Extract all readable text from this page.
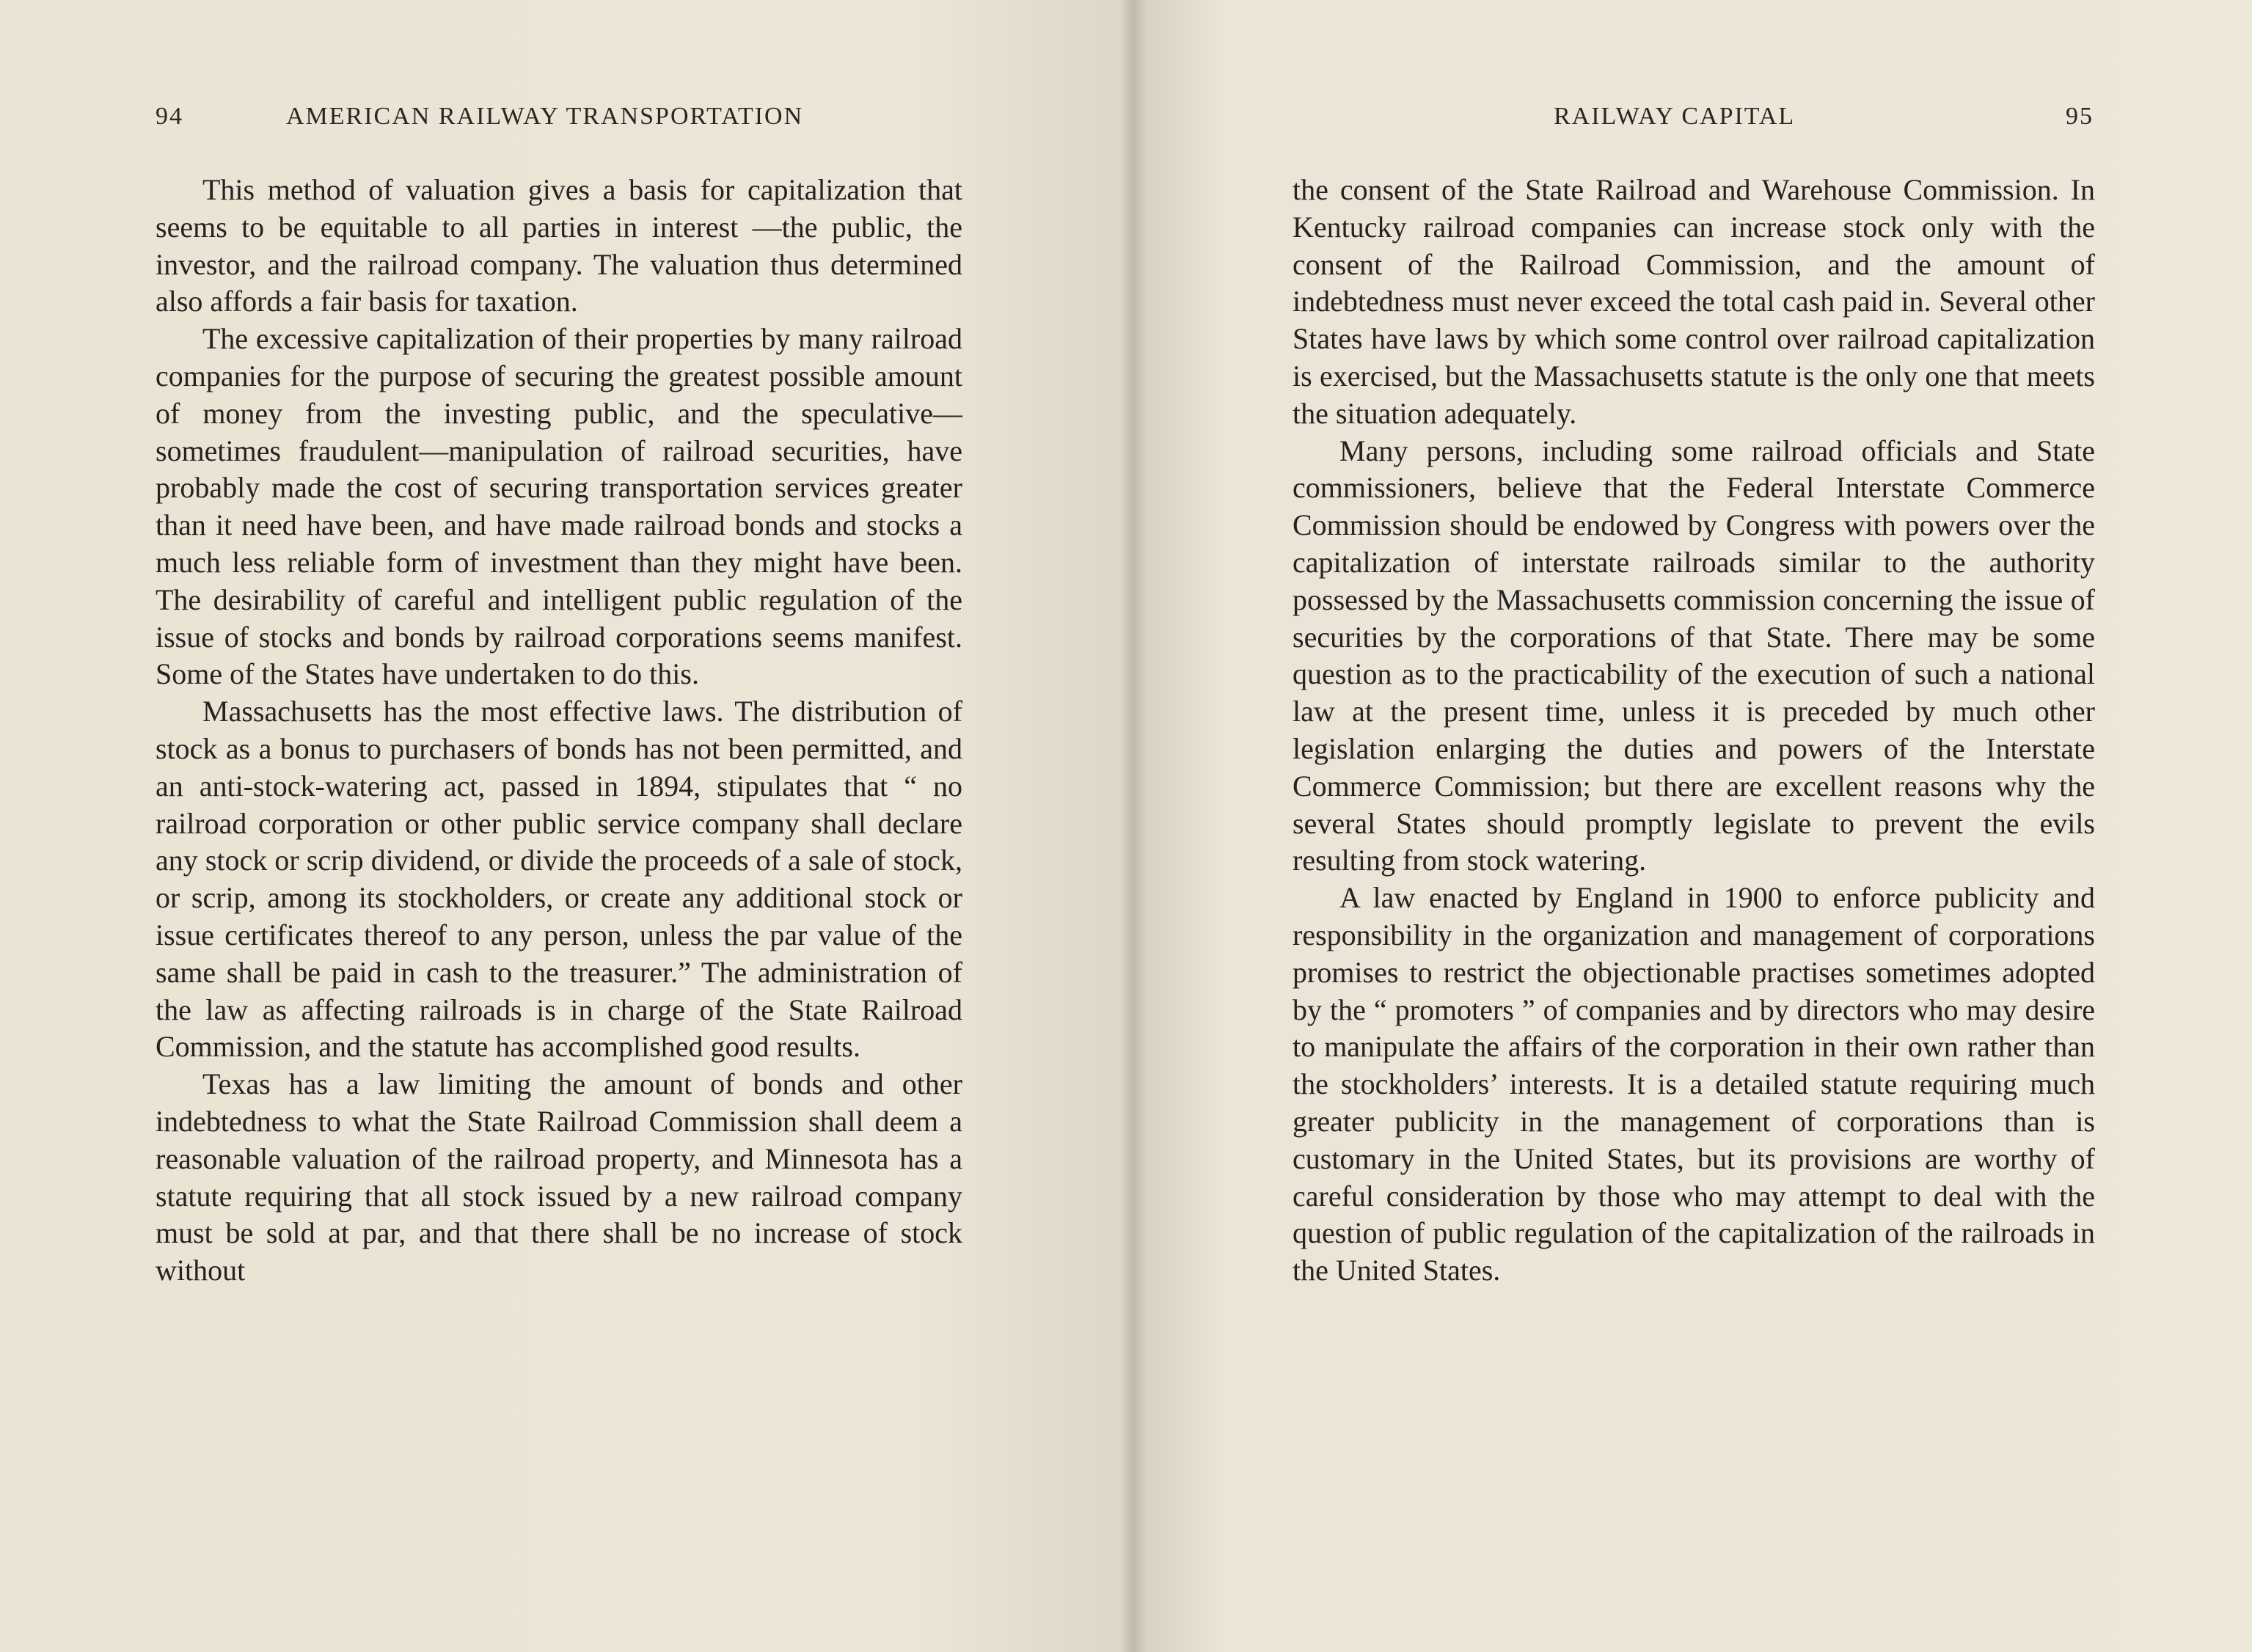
94	AMERICAN RAILWAY TRANSPORTATION

This method of valuation gives a basis for capitalization that seems to be equitable to all parties in interest —the public, the investor, and the railroad company. The valuation thus determined also affords a fair basis for taxation.

The excessive capitalization of their properties by many railroad companies for the purpose of securing the greatest possible amount of money from the investing public, and the speculative—sometimes fraudulent—manipulation of railroad securities, have probably made the cost of securing transportation services greater than it need have been, and have made railroad bonds and stocks a much less reliable form of investment than they might have been. The desirability of careful and intelligent public regulation of the issue of stocks and bonds by railroad corporations seems manifest. Some of the States have undertaken to do this.

Massachusetts has the most effective laws. The distribution of stock as a bonus to purchasers of bonds has not been permitted, and an anti-stock-watering act, passed in 1894, stipulates that “ no railroad corporation or other public service company shall declare any stock or scrip dividend, or divide the proceeds of a sale of stock, or scrip, among its stockholders, or create any additional stock or issue certificates thereof to any person, unless the par value of the same shall be paid in cash to the treasurer.” The administration of the law as affecting railroads is in charge of the State Railroad Commission, and the statute has accomplished good results.

Texas has a law limiting the amount of bonds and other indebtedness to what the State Railroad Commission shall deem a reasonable valuation of the railroad property, and Minnesota has a statute requiring that all stock issued by a new railroad company must be sold at par, and that there shall be no increase of stock without

RAILWAY CAPITAL	95

the consent of the State Railroad and Warehouse Commission. In Kentucky railroad companies can increase stock only with the consent of the Railroad Commission, and the amount of indebtedness must never exceed the total cash paid in. Several other States have laws by which some control over railroad capitalization is exercised, but the Massachusetts statute is the only one that meets the situation adequately.

Many persons, including some railroad officials and State commissioners, believe that the Federal Interstate Commerce Commission should be endowed by Congress with powers over the capitalization of interstate railroads similar to the authority possessed by the Massachusetts commission concerning the issue of securities by the corporations of that State. There may be some question as to the practicability of the execution of such a national law at the present time, unless it is preceded by much other legislation enlarging the duties and powers of the Interstate Commerce Commission; but there are excellent reasons why the several States should promptly legislate to prevent the evils resulting from stock watering.

A law enacted by England in 1900 to enforce publicity and responsibility in the organization and management of corporations promises to restrict the objectionable practises sometimes adopted by the “ promoters ” of companies and by directors who may desire to manipulate the affairs of the corporation in their own rather than the stockholders’ interests. It is a detailed statute requiring much greater publicity in the management of corporations than is customary in the United States, but its provisions are worthy of careful consideration by those who may attempt to deal with the question of public regulation of the capitalization of the railroads in the United States.
